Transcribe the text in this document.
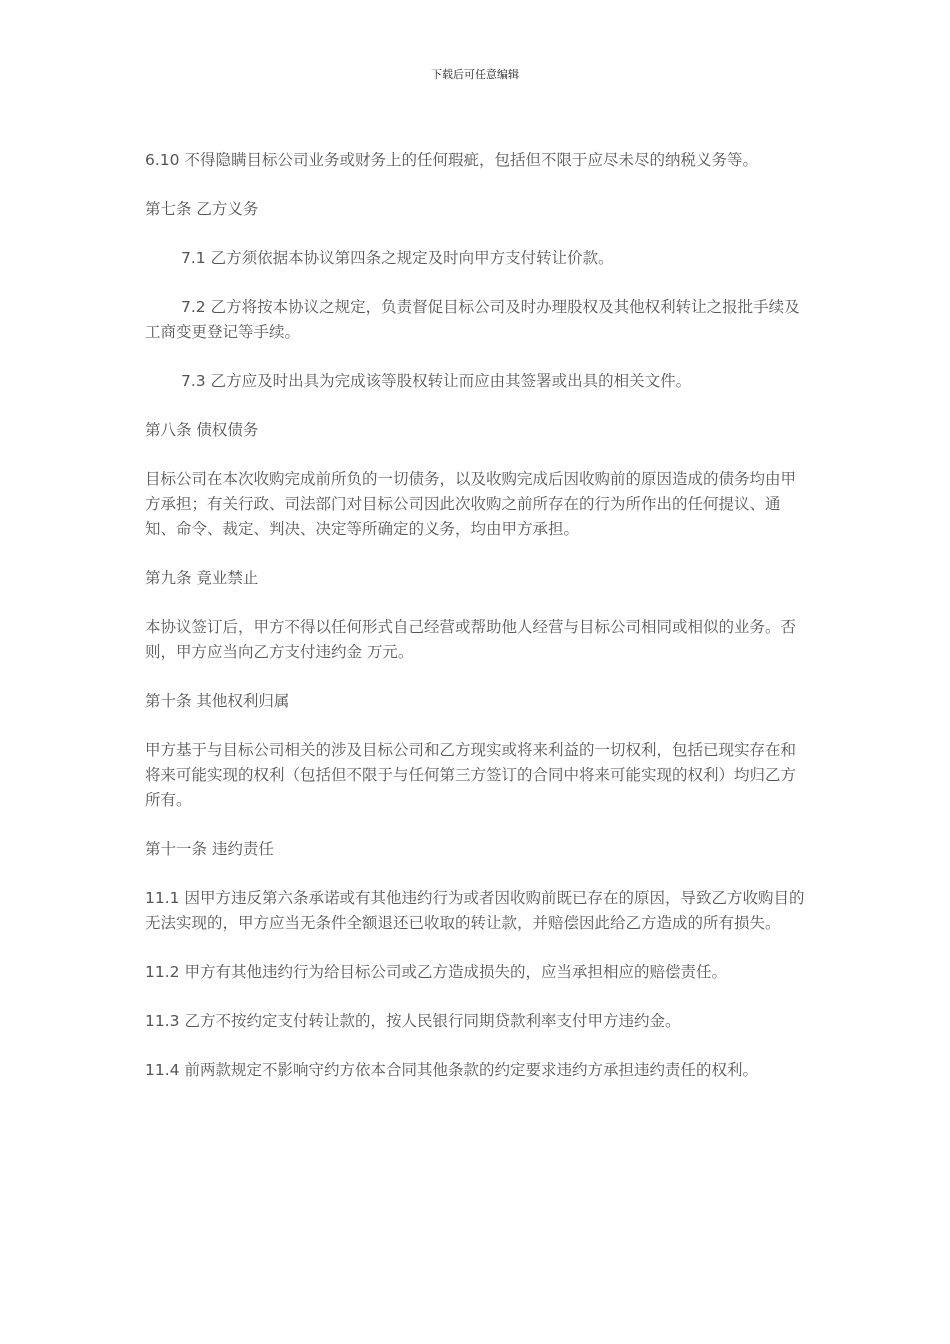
下载后可任意编辑

6.10 不得隐瞒目标公司业务或财务上的任何瑕疵，包括但不限于应尽未尽的纳税义务等。

第七条 乙方义务

7.1 乙方须依据本协议第四条之规定及时向甲方支付转让价款。

7.2 乙方将按本协议之规定，负责督促目标公司及时办理股权及其他权利转让之报批手续及工商变更登记等手续。

7.3 乙方应及时出具为完成该等股权转让而应由其签署或出具的相关文件。

第八条 债权债务

目标公司在本次收购完成前所负的一切债务，以及收购完成后因收购前的原因造成的债务均由甲方承担；有关行政、司法部门对目标公司因此次收购之前所存在的行为所作出的任何提议、通知、命令、裁定、判决、决定等所确定的义务，均由甲方承担。

第九条 竟业禁止

本协议签订后，甲方不得以任何形式自己经营或帮助他人经营与目标公司相同或相似的业务。否则，甲方应当向乙方支付违约金 万元。

第十条 其他权利归属

甲方基于与目标公司相关的涉及目标公司和乙方现实或将来利益的一切权利，包括已现实存在和将来可能实现的权利（包括但不限于与任何第三方签订的合同中将来可能实现的权利）均归乙方所有。

第十一条 违约责任

11.1 因甲方违反第六条承诺或有其他违约行为或者因收购前既已存在的原因，导致乙方收购目的无法实现的，甲方应当无条件全额退还已收取的转让款，并赔偿因此给乙方造成的所有损失。

11.2 甲方有其他违约行为给目标公司或乙方造成损失的，应当承担相应的赔偿责任。

11.3 乙方不按约定支付转让款的，按人民银行同期贷款利率支付甲方违约金。

11.4 前两款规定不影响守约方依本合同其他条款的约定要求违约方承担违约责任的权利。
